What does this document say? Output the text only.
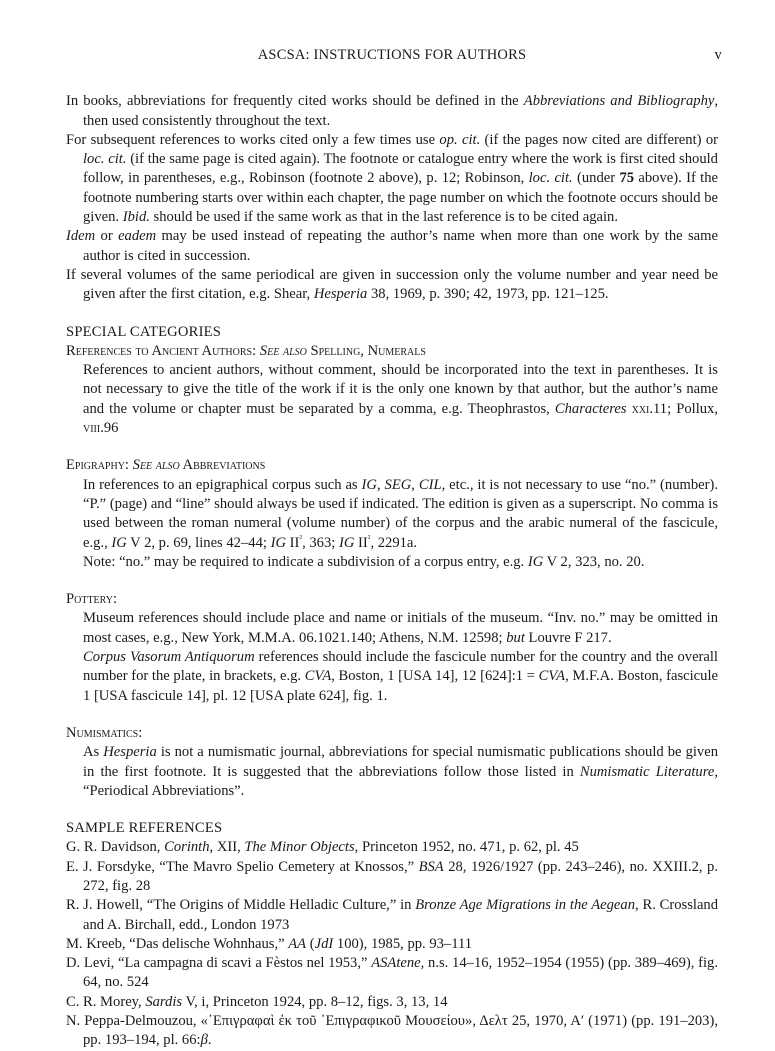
ASCSA: INSTRUCTIONS FOR AUTHORS	v

In books, abbreviations for frequently cited works should be defined in the Abbreviations and Bibliography, then used consistently throughout the text.

For subsequent references to works cited only a few times use op. cit. (if the pages now cited are different) or loc. cit. (if the same page is cited again). The footnote or catalogue entry where the work is first cited should follow, in parentheses, e.g., Robinson (footnote 2 above), p. 12; Robinson, loc. cit. (under 75 above). If the footnote numbering starts over within each chapter, the page number on which the footnote occurs should be given. Ibid. should be used if the same work as that in the last reference is to be cited again.

Idem or eadem may be used instead of repeating the author’s name when more than one work by the same author is cited in succession.

If several volumes of the same periodical are given in succession only the volume number and year need be given after the first citation, e.g. Shear, Hesperia 38, 1969, p. 390; 42, 1973, pp. 121–125.

SPECIAL CATEGORIES

References to Ancient Authors: See also Spelling, Numerals

References to ancient authors, without comment, should be incorporated into the text in parentheses. It is not necessary to give the title of the work if it is the only one known by that author, but the author’s name and the volume or chapter must be separated by a comma, e.g. Theophrastos, Characteres xxi.11; Pollux, viii.96

Epigraphy: See also Abbreviations

In references to an epigraphical corpus such as IG, SEG, CIL, etc., it is not necessary to use “no.” (number). “P.” (page) and “line” should always be used if indicated. The edition is given as a superscript. No comma is used between the roman numeral (volume number) of the corpus and the arabic numeral of the fascicule, e.g., IG V 2, p. 69, lines 42–44; IG $II^{^2}$, 363; IG $II^{^2}$, 2291a.

Note: “no.” may be required to indicate a subdivision of a corpus entry, e.g. IG V 2, 323, no. 20.

Pottery:

Museum references should include place and name or initials of the museum. “Inv. no.” may be omitted in most cases, e.g., New York, M.M.A. 06.1021.140; Athens, N.M. 12598; but Louvre F 217.

Corpus Vasorum Antiquorum references should include the fascicule number for the country and the overall number for the plate, in brackets, e.g. CVA, Boston, 1 [USA 14], 12 [624]:1 = CVA, M.F.A. Boston, fascicule 1 [USA fascicule 14], pl. 12 [USA plate 624], fig. 1.

Numismatics:

As Hesperia is not a numismatic journal, abbreviations for special numismatic publications should be given in the first footnote. It is suggested that the abbreviations follow those listed in Numismatic Literature, “Periodical Abbreviations”.

SAMPLE REFERENCES

G. R. Davidson, Corinth, XII, The Minor Objects, Princeton 1952, no. 471, p. 62, pl. 45

E. J. Forsdyke, “The Mavro Spelio Cemetery at Knossos,” BSA 28, 1926/1927 (pp. 243–246), no. XXIII.2, p. 272, fig. 28

R. J. Howell, “The Origins of Middle Helladic Culture,” in Bronze Age Migrations in the Aegean, R. Crossland and A. Birchall, edd., London 1973

M. Kreeb, “Das delische Wohnhaus,” AA (JdI 100), 1985, pp. 93–111

D. Levi, “La campagna di scavi a Fèstos nel 1953,” ASAtene, n.s. 14–16, 1952–1954 (1955) (pp. 389–469), fig. 64, no. 524

C. R. Morey, Sardis V, i, Princeton 1924, pp. 8–12, figs. 3, 13, 14

N. Peppa-Delmouzou, «᾿Επιγραφαὶ ἐκ τοῦ ᾿Επιγραφικοῦ Μουσείου», Δελτ 25, 1970, Α′ (1971) (pp. 191–203), pp. 193–194, pl. 66:β.
